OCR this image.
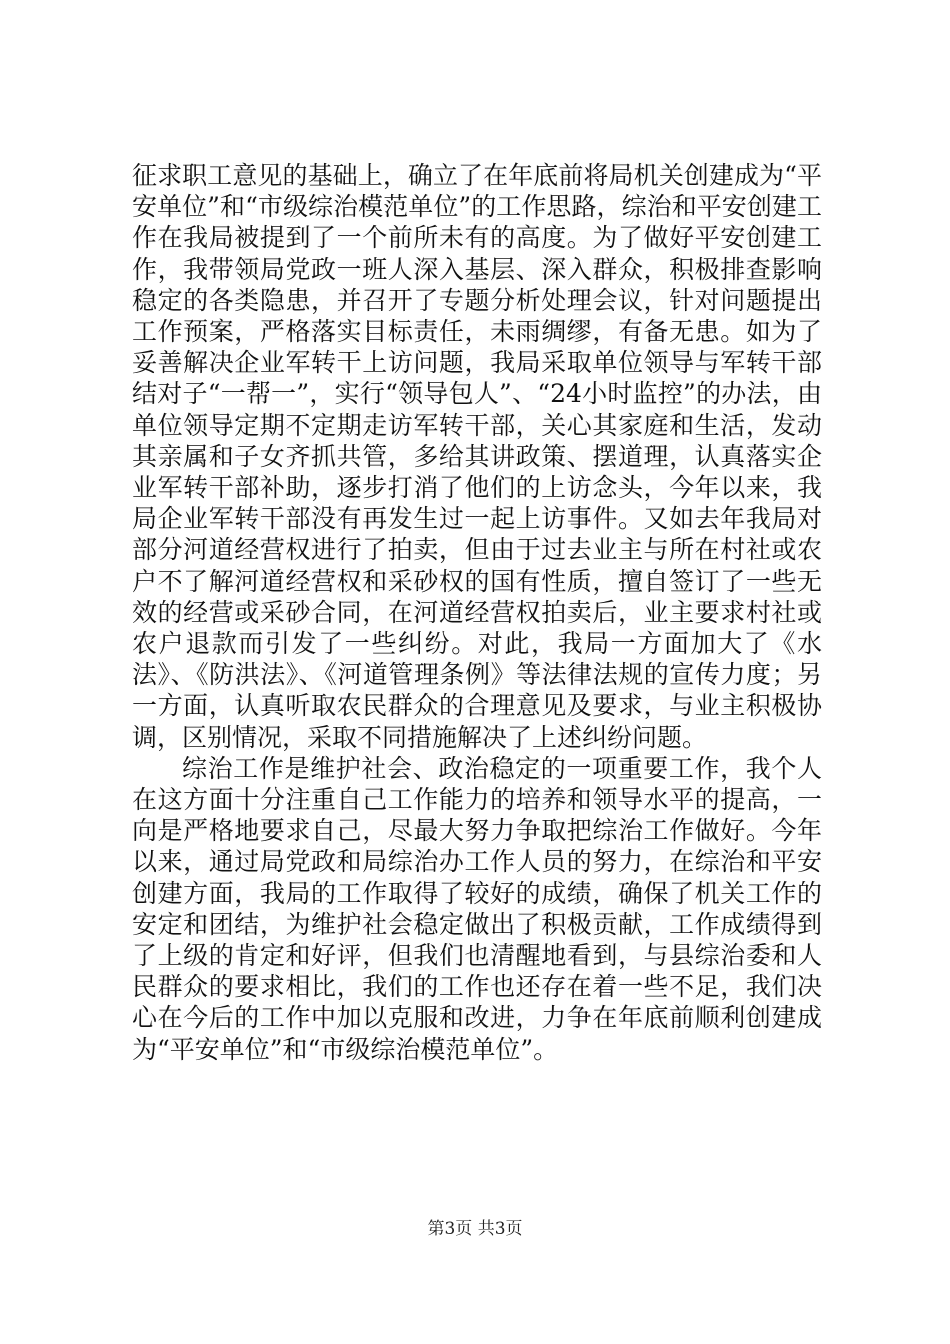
征求职工意见的基础上，确立了在年底前将局机关创建成为“平安单位”和“市级综治模范单位”的工作思路，综治和平安创建工作在我局被提到了一个前所未有的高度。为了做好平安创建工作，我带领局党政一班人深入基层、深入群众，积极排查影响稳定的各类隐患，并召开了专题分析处理会议，针对问题提出工作预案，严格落实目标责任，未雨绸缪，有备无患。如为了妥善解决企业军转干上访问题，我局采取单位领导与军转干部结对子“一帮一”，实行“领导包人”、“24小时监控”的办法，由单位领导定期不定期走访军转干部，关心其家庭和生活，发动其亲属和子女齐抓共管，多给其讲政策、摆道理，认真落实企业军转干部补助，逐步打消了他们的上访念头，今年以来，我局企业军转干部没有再发生过一起上访事件。又如去年我局对部分河道经营权进行了拍卖，但由于过去业主与所在村社或农户不了解河道经营权和采砂权的国有性质，擅自签订了一些无效的经营或采砂合同，在河道经营权拍卖后，业主要求村社或农户退款而引发了一些纠纷。对此，我局一方面加大了《水法》、《防洪法》、《河道管理条例》等法律法规的宣传力度；另一方面，认真听取农民群众的合理意见及要求，与业主积极协调，区别情况，采取不同措施解决了上述纠纷问题。

综治工作是维护社会、政治稳定的一项重要工作，我个人在这方面十分注重自己工作能力的培养和领导水平的提高，一向是严格地要求自己，尽最大努力争取把综治工作做好。今年以来，通过局党政和局综治办工作人员的努力，在综治和平安创建方面，我局的工作取得了较好的成绩，确保了机关工作的安定和团结，为维护社会稳定做出了积极贡献，工作成绩得到了上级的肯定和好评，但我们也清醒地看到，与县综治委和人民群众的要求相比，我们的工作也还存在着一些不足，我们决心在今后的工作中加以克服和改进，力争在年底前顺利创建成为“平安单位”和“市级综治模范单位”。

第3页 共3页
